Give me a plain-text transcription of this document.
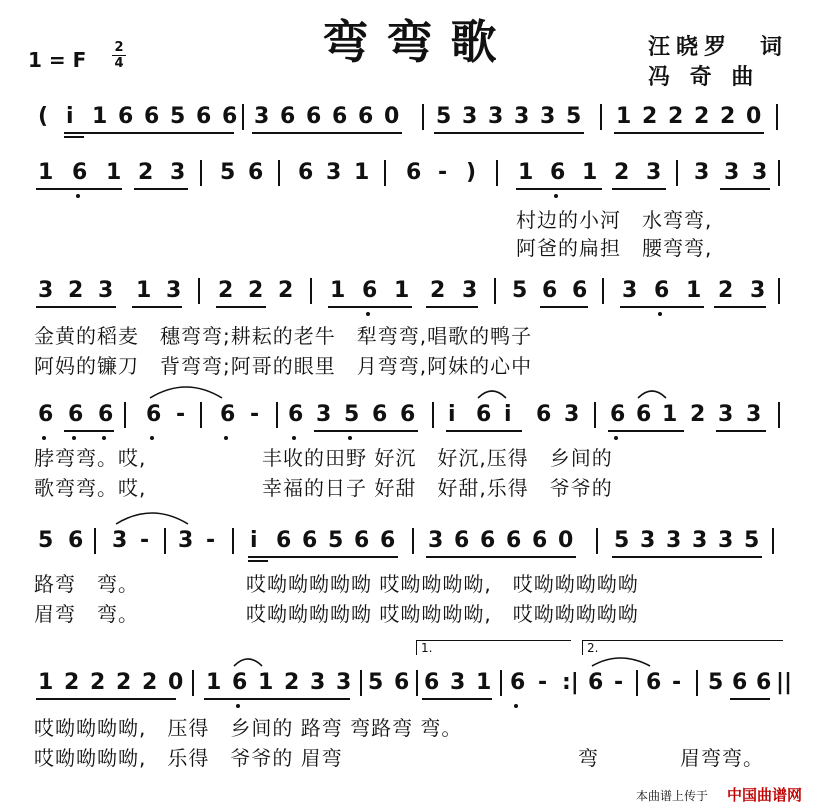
弯弯歌	汪晓罗　词
冯 奇 曲
1 = F $\frac{2}{4}$
( i 1 6 6 5 6 6 3 6 6 6 6 0 5 3 3 3 3 5 1 2 2 2 2 0
1 6 1 2 3 5 6 6 3 1 6 - ) 1 6 1 2 3 3 3 3
村边的小河　水弯弯,
阿爸的扁担　腰弯弯,
3 2 3 1 3 2 2 2 1 6 1 2 3 5 6 6 3 6 1 2 3
金黄的稻麦　穗弯弯;耕耘的老牛　犁弯弯,唱歌的鸭子
阿妈的镰刀　背弯弯;阿哥的眼里　月弯弯,阿妹的心中
6 6 6 6 - 6 - 6 3 5 6 6 i 6 i 6 3 6 6 1 2 3 3
脖弯弯。哎,	丰收的田野 好沉　好沉,压得　乡间的
歌弯弯。哎,	幸福的日子 好甜　好甜,乐得　爷爷的
5 6 3 - 3 - i 6 6 5 6 6 3 6 6 6 6 0 5 3 3 3 3 5
路弯　弯。	哎呦呦呦呦呦 哎呦呦呦呦,　哎呦呦呦呦呦
眉弯　弯。	哎呦呦呦呦呦 哎呦呦呦呦,　哎呦呦呦呦呦
1.	2.
1 2 2 2 2 0 1 6 1 2 3 3 5 6 6 3 1 6 - :| 6 - 6 - 5 6 6 ||
哎呦呦呦呦,　压得　乡间的 路弯 弯路弯 弯。
哎呦呦呦呦,　乐得　爷爷的 眉弯	弯	眉弯弯。
本曲谱上传于 中国曲谱网
